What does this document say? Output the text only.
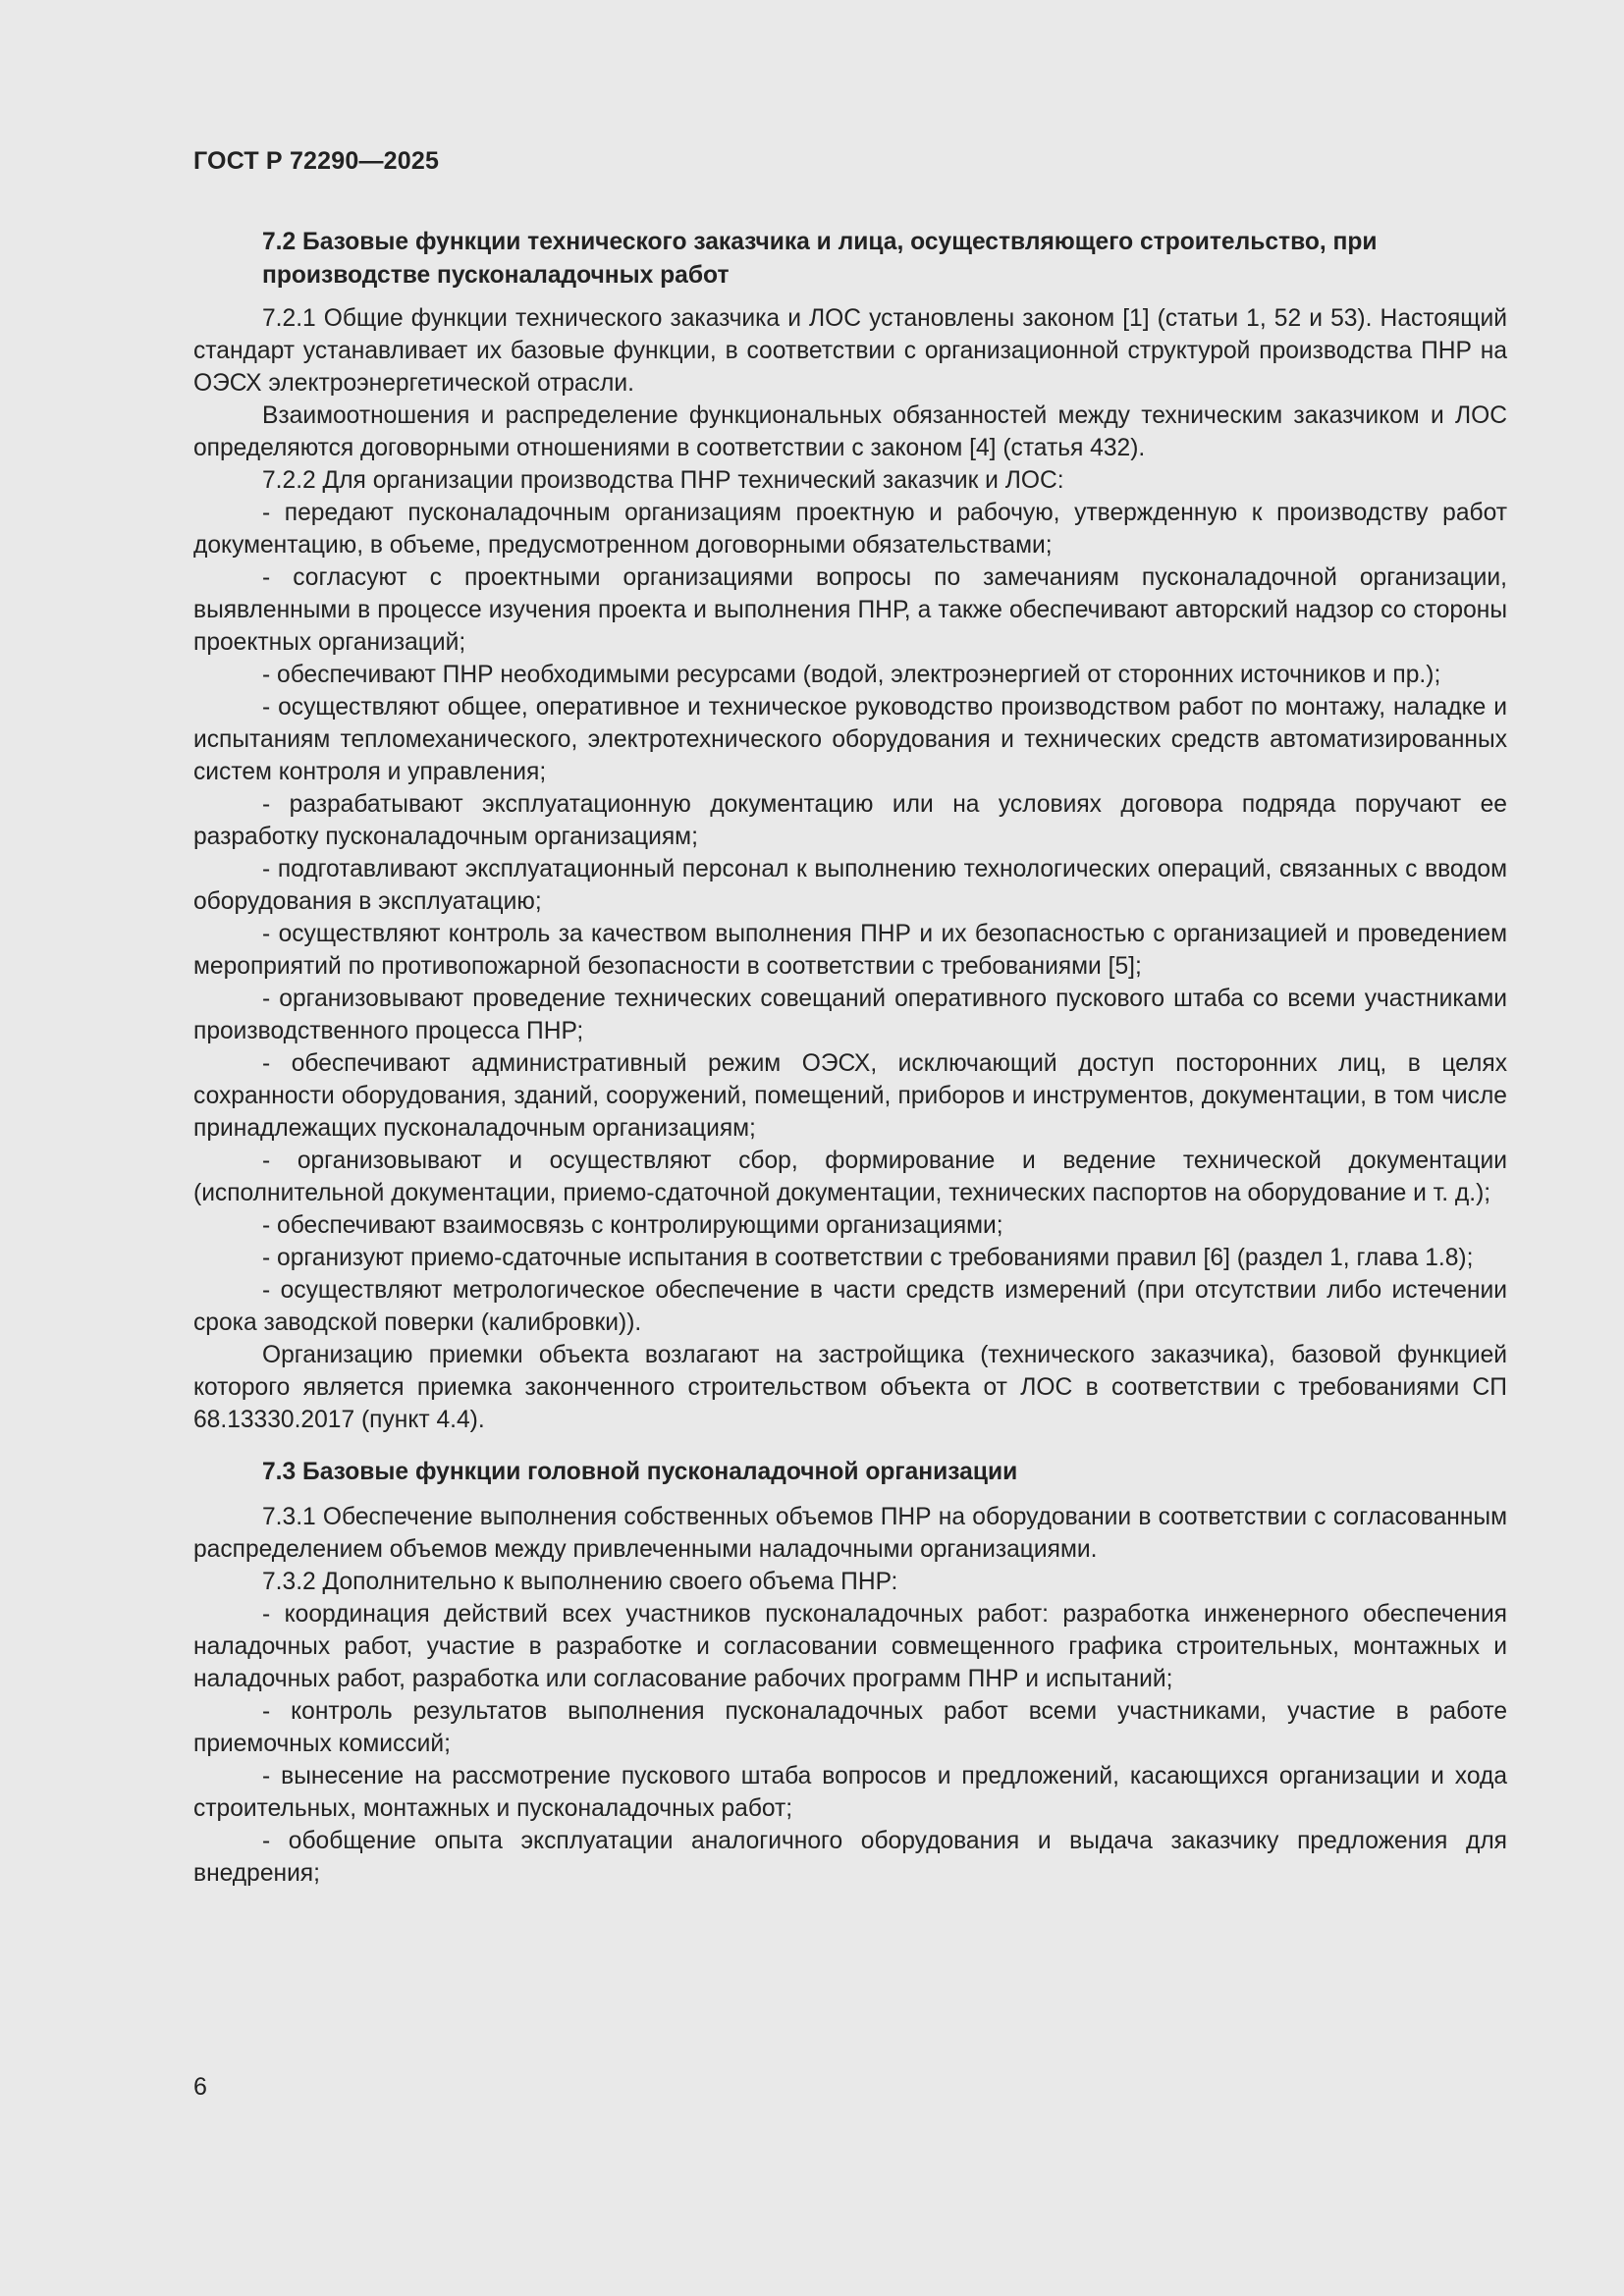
ГОСТ Р 72290—2025
7.2 Базовые функции технического заказчика и лица, осуществляющего строительство, при производстве пусконаладочных работ

7.2.1 Общие функции технического заказчика и ЛОС установлены законом [1] (статьи 1, 52 и 53). Настоящий стандарт устанавливает их базовые функции, в соответствии с организационной структурой производства ПНР на ОЭСХ электроэнергетической отрасли.

Взаимоотношения и распределение функциональных обязанностей между техническим заказчиком и ЛОС определяются договорными отношениями в соответствии с законом [4] (статья 432).

7.2.2 Для организации производства ПНР технический заказчик и ЛОС:

- передают пусконаладочным организациям проектную и рабочую, утвержденную к производству работ документацию, в объеме, предусмотренном договорными обязательствами;

- согласуют с проектными организациями вопросы по замечаниям пусконаладочной организации, выявленными в процессе изучения проекта и выполнения ПНР, а также обеспечивают авторский надзор со стороны проектных организаций;

- обеспечивают ПНР необходимыми ресурсами (водой, электроэнергией от сторонних источников и пр.);

- осуществляют общее, оперативное и техническое руководство производством работ по монтажу, наладке и испытаниям тепломеханического, электротехнического оборудования и технических средств автоматизированных систем контроля и управления;

- разрабатывают эксплуатационную документацию или на условиях договора подряда поручают ее разработку пусконаладочным организациям;

- подготавливают эксплуатационный персонал к выполнению технологических операций, связанных с вводом оборудования в эксплуатацию;

- осуществляют контроль за качеством выполнения ПНР и их безопасностью с организацией и проведением мероприятий по противопожарной безопасности в соответствии с требованиями [5];

- организовывают проведение технических совещаний оперативного пускового штаба со всеми участниками производственного процесса ПНР;

- обеспечивают административный режим ОЭСХ, исключающий доступ посторонних лиц, в целях сохранности оборудования, зданий, сооружений, помещений, приборов и инструментов, документации, в том числе принадлежащих пусконаладочным организациям;

- организовывают и осуществляют сбор, формирование и ведение технической документации (исполнительной документации, приемо-сдаточной документации, технических паспортов на оборудование и т. д.);

- обеспечивают взаимосвязь с контролирующими организациями;

- организуют приемо-сдаточные испытания в соответствии с требованиями правил [6] (раздел 1, глава 1.8);

- осуществляют метрологическое обеспечение в части средств измерений (при отсутствии либо истечении срока заводской поверки (калибровки)).

Организацию приемки объекта возлагают на застройщика (технического заказчика), базовой функцией которого является приемка законченного строительством объекта от ЛОС в соответствии с требованиями СП 68.13330.2017 (пункт 4.4).

7.3 Базовые функции головной пусконаладочной организации

7.3.1 Обеспечение выполнения собственных объемов ПНР на оборудовании в соответствии с согласованным распределением объемов между привлеченными наладочными организациями.

7.3.2 Дополнительно к выполнению своего объема ПНР:

- координация действий всех участников пусконаладочных работ: разработка инженерного обеспечения наладочных работ, участие в разработке и согласовании совмещенного графика строительных, монтажных и наладочных работ, разработка или согласование рабочих программ ПНР и испытаний;

- контроль результатов выполнения пусконаладочных работ всеми участниками, участие в работе приемочных комиссий;

- вынесение на рассмотрение пускового штаба вопросов и предложений, касающихся организации и хода строительных, монтажных и пусконаладочных работ;

- обобщение опыта эксплуатации аналогичного оборудования и выдача заказчику предложения для внедрения;

6
